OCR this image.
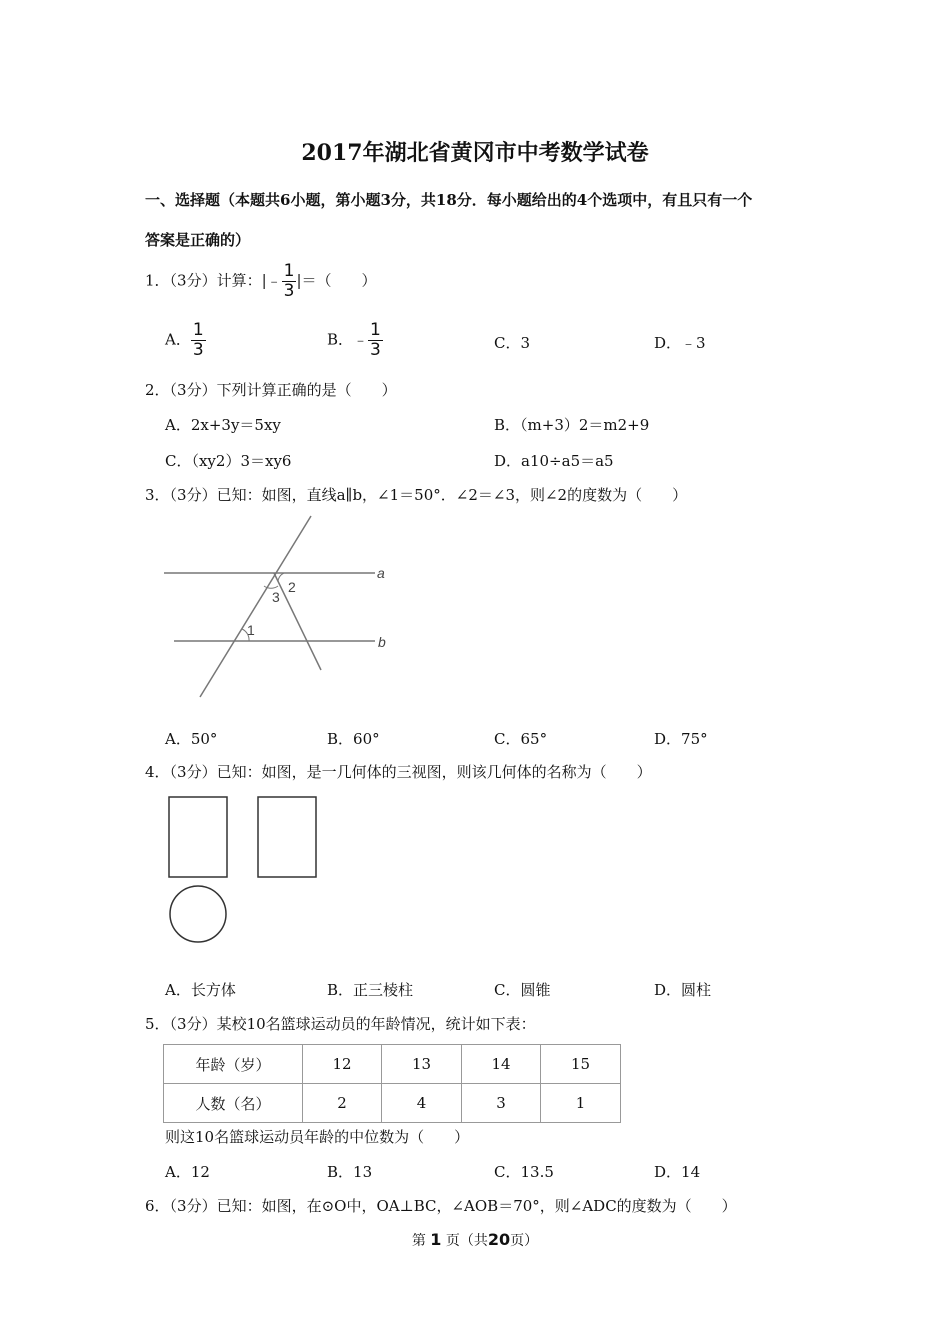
2017年湖北省黄冈市中考数学试卷
一、选择题（本题共6小题，第小题3分，共18分．每小题给出的4个选项中，有且只有一个
答案是正确的）
1．（3分）计算：|﹣ $\frac{1}{3}$ |＝（　　）
A． $\frac{1}{3}$	B．﹣ $\frac{1}{3}$	C．3	D．﹣3
2．（3分）下列计算正确的是（　　）
A．2x+3y＝5xy	B．（m+3）2＝m2+9
C．（xy2）3＝xy6	D．a10÷a5＝a5
3．（3分）已知：如图，直线a∥b，∠1＝50°．∠2＝∠3，则∠2的度数为（　　）
a
b
2
3
1
A．50°	B．60°	C．65°	D．75°
4．（3分）已知：如图，是一几何体的三视图，则该几何体的名称为（　　）
A．长方体	B．正三棱柱	C．圆锥	D．圆柱
5．（3分）某校10名篮球运动员的年龄情况，统计如下表：
年龄（岁）	12	13	14	15
人数（名）	2	4	3	1
则这10名篮球运动员年龄的中位数为（　　）
A．12	B．13	C．13.5	D．14
6．（3分）已知：如图，在⊙O中，OA⊥BC，∠AOB＝70°，则∠ADC的度数为（　　）
第 1 页（共20页）
